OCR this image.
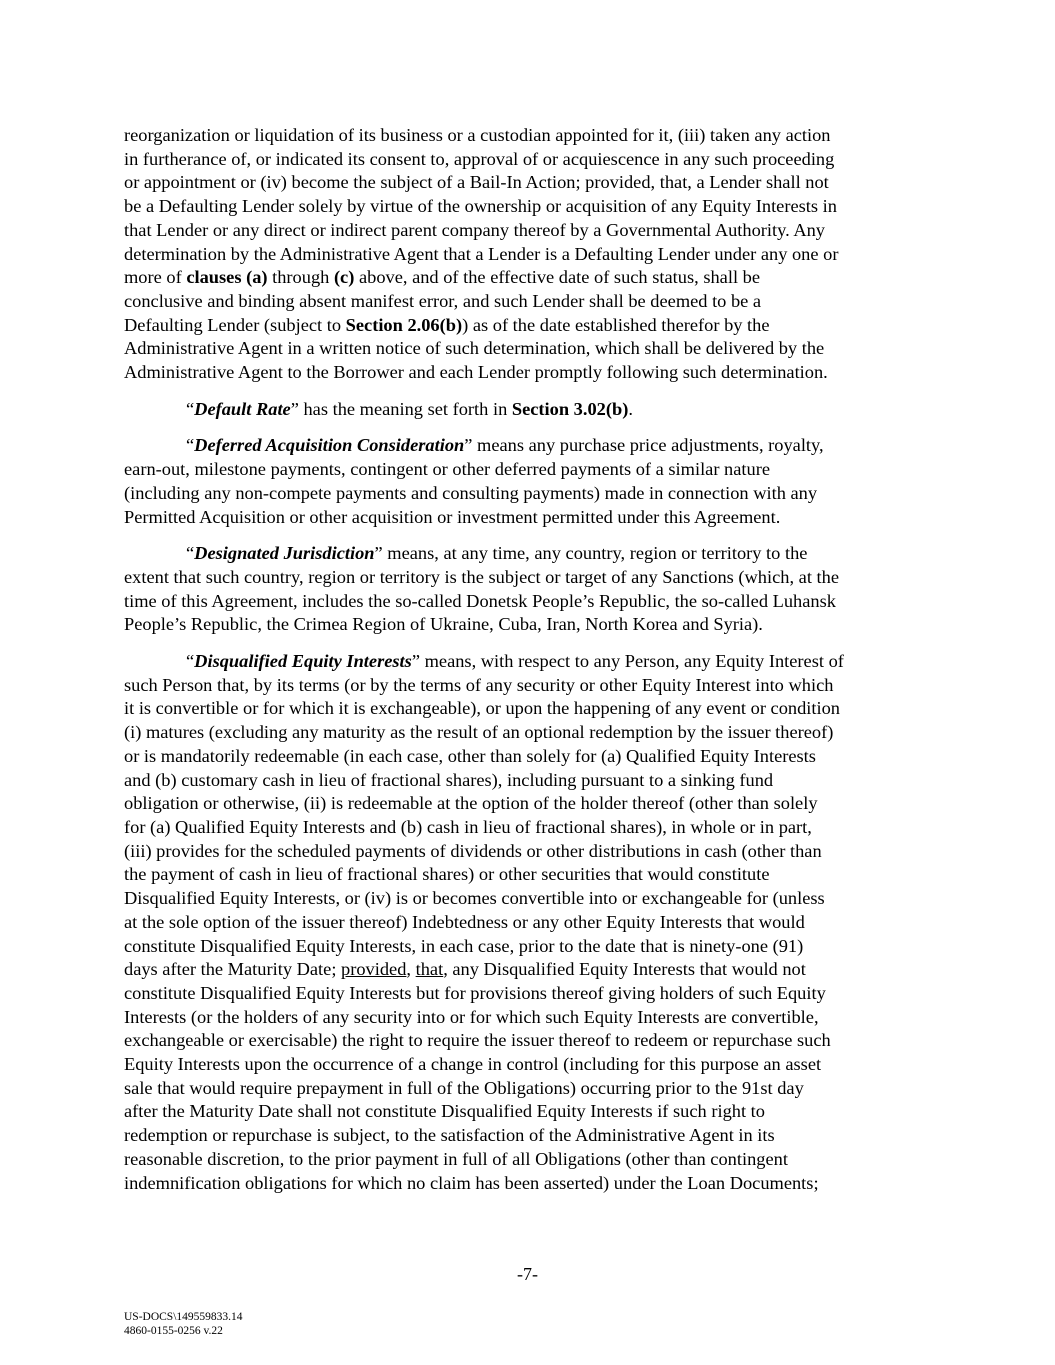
reorganization or liquidation of its business or a custodian appointed for it, (iii) taken any action
in furtherance of, or indicated its consent to, approval of or acquiescence in any such proceeding
or appointment or (iv) become the subject of a Bail-In Action; provided, that, a Lender shall not
be a Defaulting Lender solely by virtue of the ownership or acquisition of any Equity Interests in
that Lender or any direct or indirect parent company thereof by a Governmental Authority. Any
determination by the Administrative Agent that a Lender is a Defaulting Lender under any one or
more of clauses (a) through (c) above, and of the effective date of such status, shall be
conclusive and binding absent manifest error, and such Lender shall be deemed to be a
Defaulting Lender (subject to Section 2.06(b)) as of the date established therefor by the
Administrative Agent in a written notice of such determination, which shall be delivered by the
Administrative Agent to the Borrower and each Lender promptly following such determination.

“Default Rate” has the meaning set forth in Section 3.02(b).

“Deferred Acquisition Consideration” means any purchase price adjustments, royalty,
earn-out, milestone payments, contingent or other deferred payments of a similar nature
(including any non-compete payments and consulting payments) made in connection with any
Permitted Acquisition or other acquisition or investment permitted under this Agreement.

“Designated Jurisdiction” means, at any time, any country, region or territory to the
extent that such country, region or territory is the subject or target of any Sanctions (which, at the
time of this Agreement, includes the so-called Donetsk People’s Republic, the so-called Luhansk
People’s Republic, the Crimea Region of Ukraine, Cuba, Iran, North Korea and Syria).

“Disqualified Equity Interests” means, with respect to any Person, any Equity Interest of
such Person that, by its terms (or by the terms of any security or other Equity Interest into which
it is convertible or for which it is exchangeable), or upon the happening of any event or condition
(i) matures (excluding any maturity as the result of an optional redemption by the issuer thereof)
or is mandatorily redeemable (in each case, other than solely for (a) Qualified Equity Interests
and (b) customary cash in lieu of fractional shares), including pursuant to a sinking fund
obligation or otherwise, (ii) is redeemable at the option of the holder thereof (other than solely
for (a) Qualified Equity Interests and (b) cash in lieu of fractional shares), in whole or in part,
(iii) provides for the scheduled payments of dividends or other distributions in cash (other than
the payment of cash in lieu of fractional shares) or other securities that would constitute
Disqualified Equity Interests, or (iv) is or becomes convertible into or exchangeable for (unless
at the sole option of the issuer thereof) Indebtedness or any other Equity Interests that would
constitute Disqualified Equity Interests, in each case, prior to the date that is ninety-one (91)
days after the Maturity Date; provided, that, any Disqualified Equity Interests that would not
constitute Disqualified Equity Interests but for provisions thereof giving holders of such Equity
Interests (or the holders of any security into or for which such Equity Interests are convertible,
exchangeable or exercisable) the right to require the issuer thereof to redeem or repurchase such
Equity Interests upon the occurrence of a change in control (including for this purpose an asset
sale that would require prepayment in full of the Obligations) occurring prior to the 91st day
after the Maturity Date shall not constitute Disqualified Equity Interests if such right to
redemption or repurchase is subject, to the satisfaction of the Administrative Agent in its
reasonable discretion, to the prior payment in full of all Obligations (other than contingent
indemnification obligations for which no claim has been asserted) under the Loan Documents;

-7-
US-DOCS\149559833.14
4860-0155-0256 v.22
